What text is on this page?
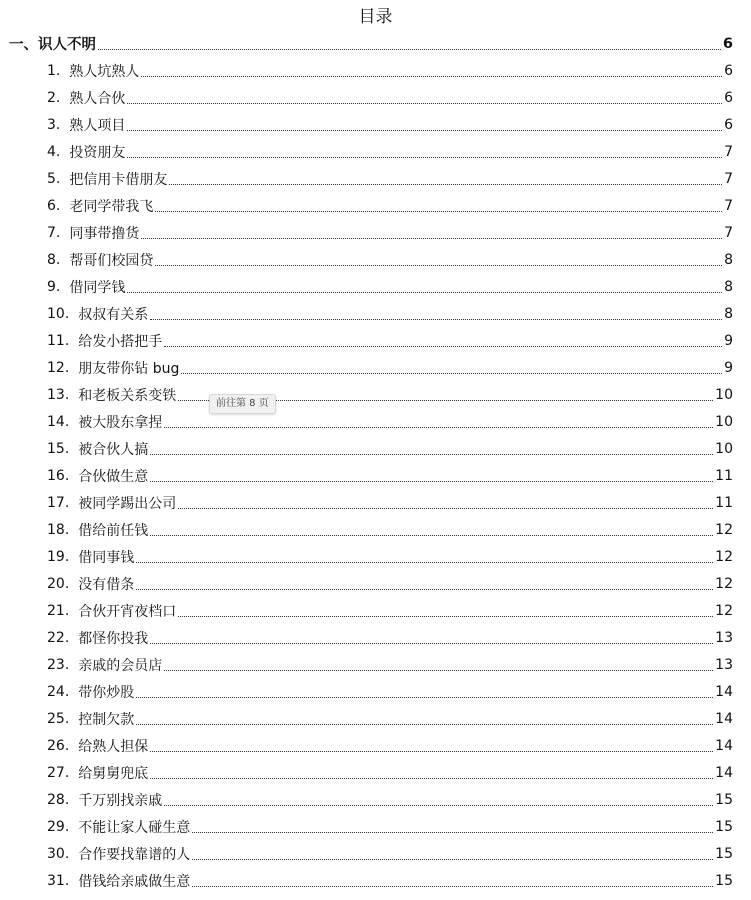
目录
一、识人不明	6
1. 熟人坑熟人	6
2. 熟人合伙	6
3. 熟人项目	6
4. 投资朋友	7
5. 把信用卡借朋友	7
6. 老同学带我飞	7
7. 同事带撸货	7
8. 帮哥们校园贷	8
9. 借同学钱	8
10. 叔叔有关系	8
11. 给发小搭把手	9
12. 朋友带你钻 bug	9
13. 和老板关系变铁	10
14. 被大股东拿捏	10
15. 被合伙人搞	10
16. 合伙做生意	11
17. 被同学踢出公司	11
18. 借给前任钱	12
19. 借同事钱	12
20. 没有借条	12
21. 合伙开宵夜档口	12
22. 都怪你投我	13
23. 亲戚的会员店	13
24. 带你炒股	14
25. 控制欠款	14
26. 给熟人担保	14
27. 给舅舅兜底	14
28. 千万别找亲戚	15
29. 不能让家人碰生意	15
30. 合作要找靠谱的人	15
31. 借钱给亲戚做生意	15
前往第 8 页
